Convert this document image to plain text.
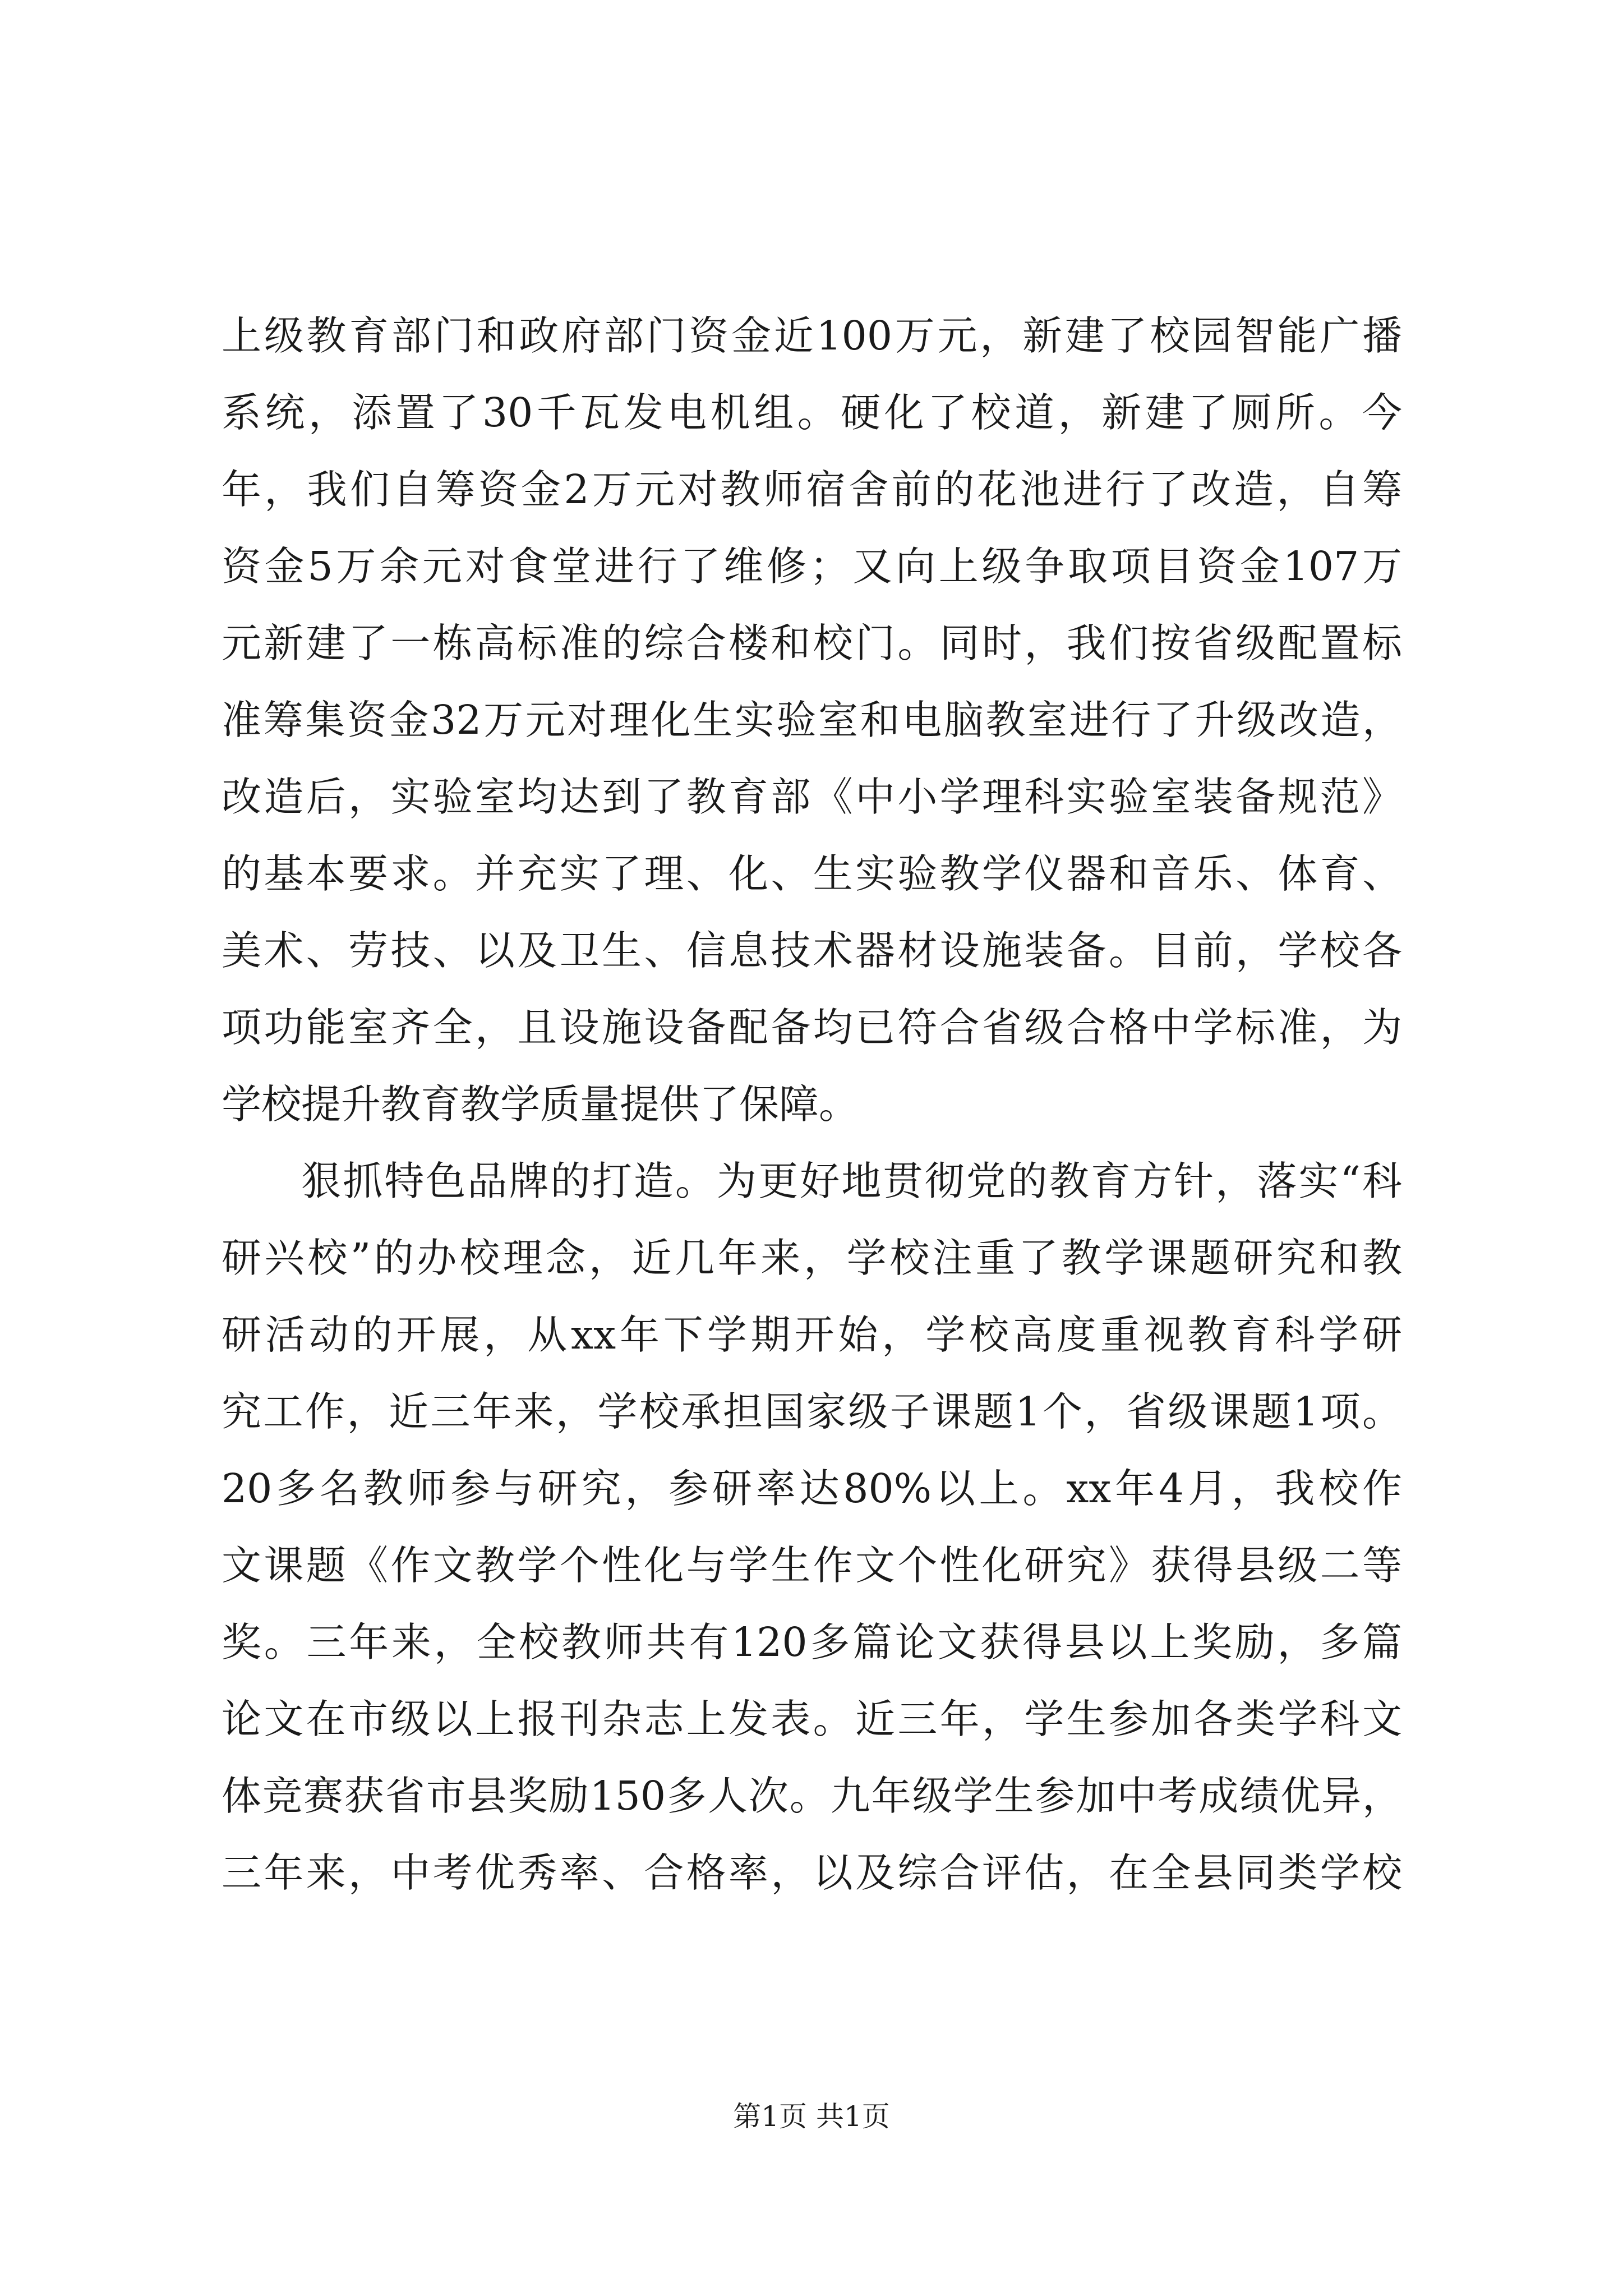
上级教育部门和政府部门资金近100万元，新建了校园智能广播
系统，添置了30千瓦发电机组。硬化了校道，新建了厕所。今
年，我们自筹资金2万元对教师宿舍前的花池进行了改造，自筹
资金5万余元对食堂进行了维修；又向上级争取项目资金107万
元新建了一栋高标准的综合楼和校门。同时，我们按省级配置标
准筹集资金32万元对理化生实验室和电脑教室进行了升级改造，
改造后，实验室均达到了教育部《中小学理科实验室装备规范》
的基本要求。并充实了理、化、生实验教学仪器和音乐、体育、
美术、劳技、以及卫生、信息技术器材设施装备。目前，学校各
项功能室齐全，且设施设备配备均已符合省级合格中学标准，为
学校提升教育教学质量提供了保障。
狠抓特色品牌的打造。为更好地贯彻党的教育方针，落实“科
研兴校”的办校理念，近几年来，学校注重了教学课题研究和教
研活动的开展，从xx年下学期开始，学校高度重视教育科学研
究工作，近三年来，学校承担国家级子课题1个，省级课题1项。
20多名教师参与研究，参研率达80%以上。xx年4月，我校作
文课题《作文教学个性化与学生作文个性化研究》获得县级二等
奖。三年来，全校教师共有120多篇论文获得县以上奖励，多篇
论文在市级以上报刊杂志上发表。近三年，学生参加各类学科文
体竞赛获省市县奖励150多人次。九年级学生参加中考成绩优异，
三年来，中考优秀率、合格率，以及综合评估，在全县同类学校
第1页 共1页
